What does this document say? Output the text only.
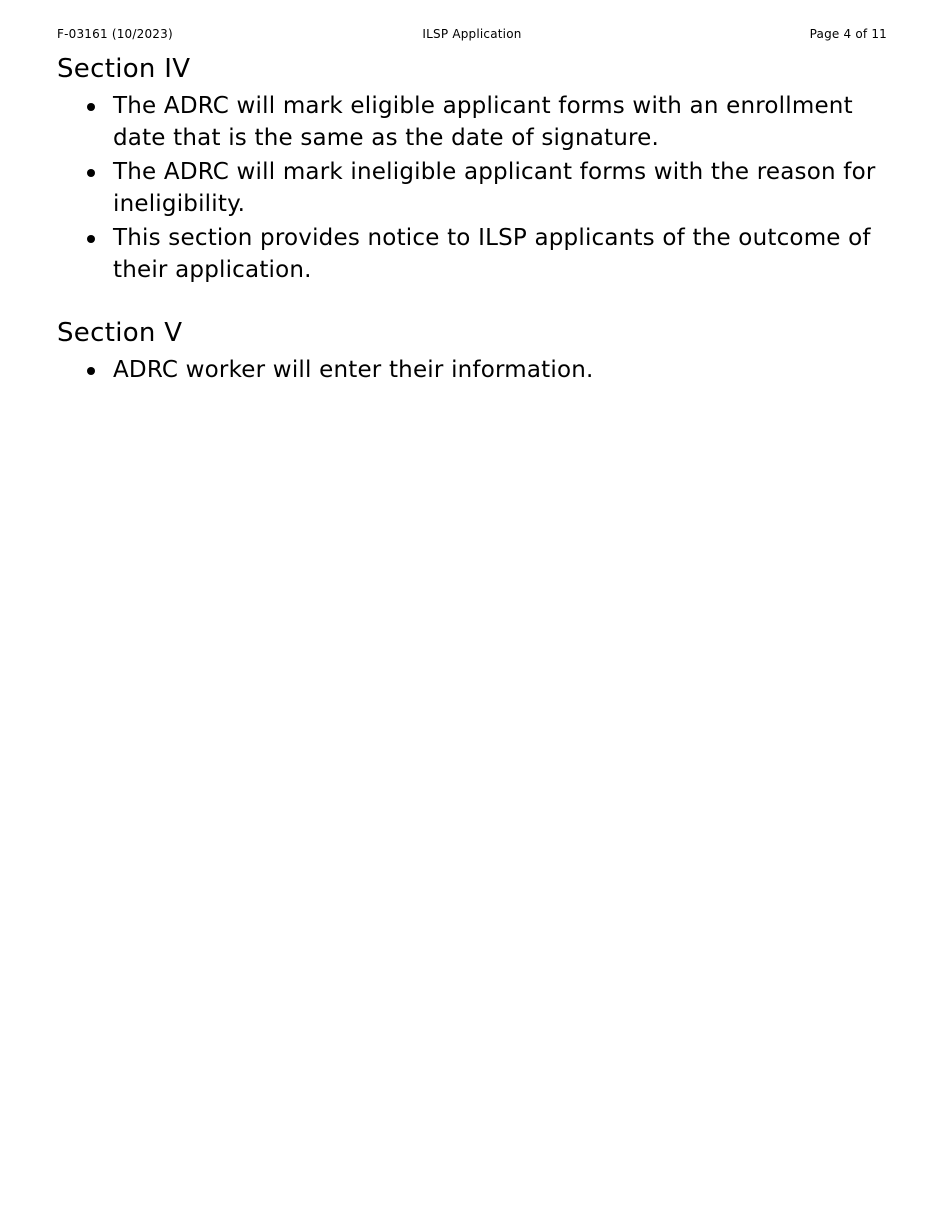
F-03161 (10/2023)	ILSP Application	Page 4 of 11
Section IV
The ADRC will mark eligible applicant forms with an enrollment date that is the same as the date of signature.
The ADRC will mark ineligible applicant forms with the reason for ineligibility.
This section provides notice to ILSP applicants of the outcome of their application.
Section V
ADRC worker will enter their information.
